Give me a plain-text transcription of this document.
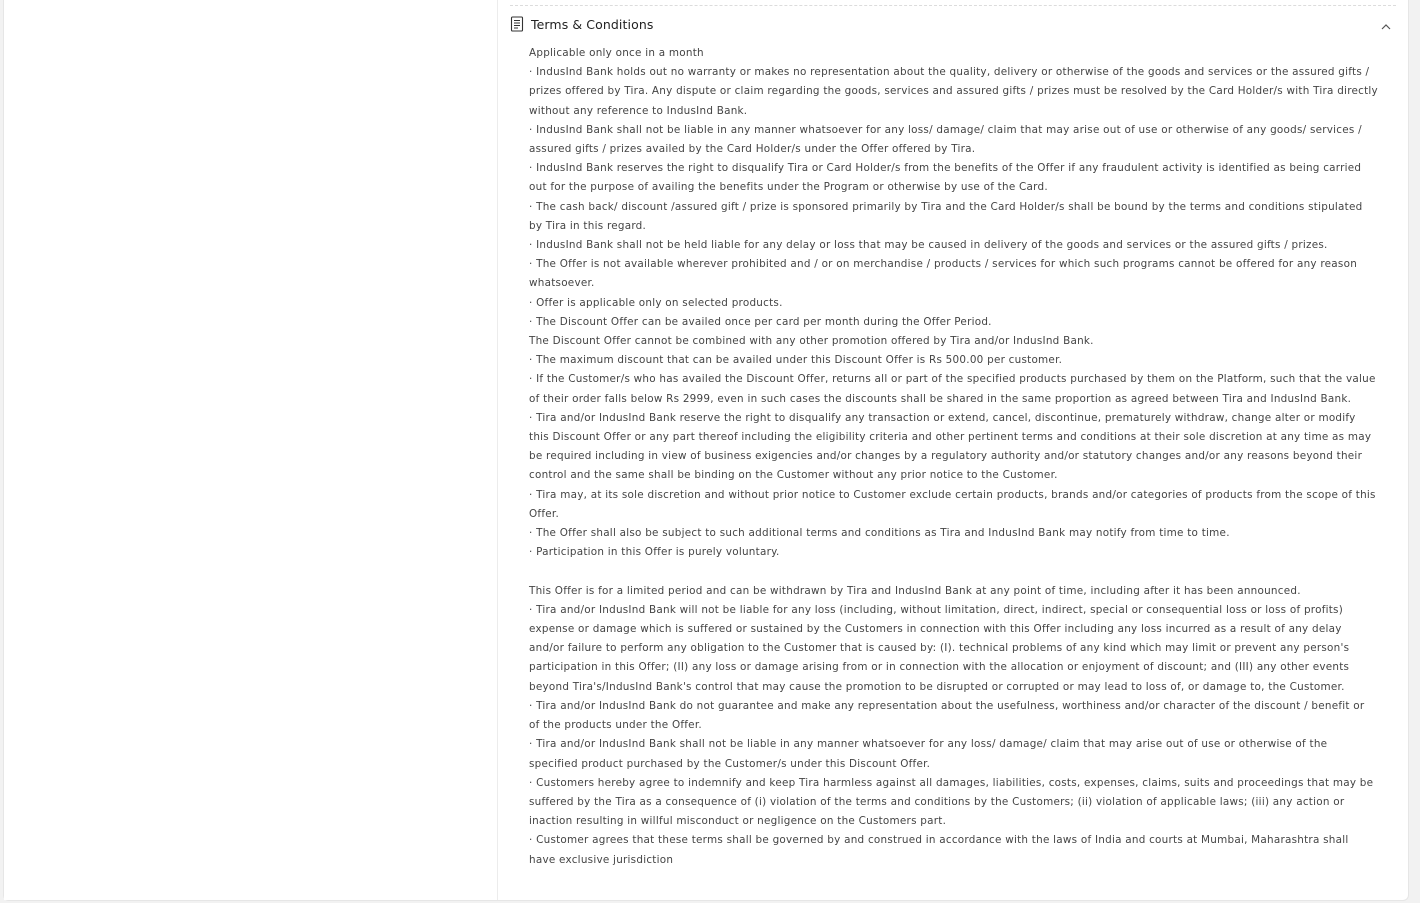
Terms & Conditions

Applicable only once in a month

· IndusInd Bank holds out no warranty or makes no representation about the quality, delivery or otherwise of the goods and services or the assured gifts / prizes offered by Tira. Any dispute or claim regarding the goods, services and assured gifts / prizes must be resolved by the Card Holder/s with Tira directly without any reference to IndusInd Bank.

· IndusInd Bank shall not be liable in any manner whatsoever for any loss/ damage/ claim that may arise out of use or otherwise of any goods/ services / assured gifts / prizes availed by the Card Holder/s under the Offer offered by Tira.

· IndusInd Bank reserves the right to disqualify Tira or Card Holder/s from the benefits of the Offer if any fraudulent activity is identified as being carried out for the purpose of availing the benefits under the Program or otherwise by use of the Card.

· The cash back/ discount /assured gift / prize is sponsored primarily by Tira and the Card Holder/s shall be bound by the terms and conditions stipulated by Tira in this regard.

· IndusInd Bank shall not be held liable for any delay or loss that may be caused in delivery of the goods and services or the assured gifts / prizes.

· The Offer is not available wherever prohibited and / or on merchandise / products / services for which such programs cannot be offered for any reason whatsoever.

· Offer is applicable only on selected products.

· The Discount Offer can be availed once per card per month during the Offer Period.

The Discount Offer cannot be combined with any other promotion offered by Tira and/or IndusInd Bank.

· The maximum discount that can be availed under this Discount Offer is Rs 500.00 per customer.

· If the Customer/s who has availed the Discount Offer, returns all or part of the specified products purchased by them on the Platform, such that the value of their order falls below Rs 2999, even in such cases the discounts shall be shared in the same proportion as agreed between Tira and IndusInd Bank.

· Tira and/or IndusInd Bank reserve the right to disqualify any transaction or extend, cancel, discontinue, prematurely withdraw, change alter or modify this Discount Offer or any part thereof including the eligibility criteria and other pertinent terms and conditions at their sole discretion at any time as may be required including in view of business exigencies and/or changes by a regulatory authority and/or statutory changes and/or any reasons beyond their control and the same shall be binding on the Customer without any prior notice to the Customer.

· Tira may, at its sole discretion and without prior notice to Customer exclude certain products, brands and/or categories of products from the scope of this Offer.

· The Offer shall also be subject to such additional terms and conditions as Tira and IndusInd Bank may notify from time to time.

· Participation in this Offer is purely voluntary.

This Offer is for a limited period and can be withdrawn by Tira and IndusInd Bank at any point of time, including after it has been announced.

· Tira and/or IndusInd Bank will not be liable for any loss (including, without limitation, direct, indirect, special or consequential loss or loss of profits) expense or damage which is suffered or sustained by the Customers in connection with this Offer including any loss incurred as a result of any delay and/or failure to perform any obligation to the Customer that is caused by: (I). technical problems of any kind which may limit or prevent any person's participation in this Offer; (II) any loss or damage arising from or in connection with the allocation or enjoyment of discount; and (III) any other events beyond Tira's/IndusInd Bank's control that may cause the promotion to be disrupted or corrupted or may lead to loss of, or damage to, the Customer.

· Tira and/or IndusInd Bank do not guarantee and make any representation about the usefulness, worthiness and/or character of the discount / benefit or of the products under the Offer.

· Tira and/or IndusInd Bank shall not be liable in any manner whatsoever for any loss/ damage/ claim that may arise out of use or otherwise of the specified product purchased by the Customer/s under this Discount Offer.

· Customers hereby agree to indemnify and keep Tira harmless against all damages, liabilities, costs, expenses, claims, suits and proceedings that may be suffered by the Tira as a consequence of (i) violation of the terms and conditions by the Customers; (ii) violation of applicable laws; (iii) any action or inaction resulting in willful misconduct or negligence on the Customers part.

· Customer agrees that these terms shall be governed by and construed in accordance with the laws of India and courts at Mumbai, Maharashtra shall have exclusive jurisdiction
